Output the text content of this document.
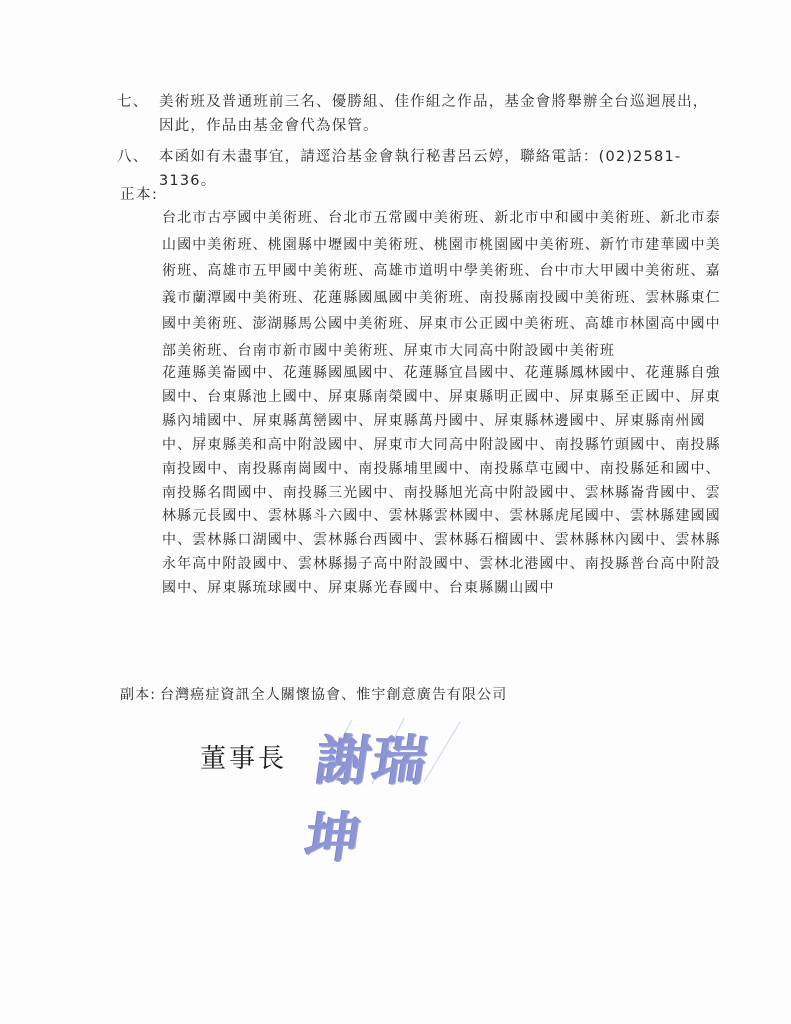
七、 美術班及普通班前三名、優勝組、佳作組之作品，基金會將舉辦全台巡迴展出，因此，作品由基金會代為保管。
八、 本函如有未盡事宜，請逕洽基金會執行秘書呂云婷，聯絡電話：(02)2581-3136。
正本:
台北市古亭國中美術班、台北市五常國中美術班、新北市中和國中美術班、新北市泰山國中美術班、桃園縣中壢國中美術班、桃園市桃園國中美術班、新竹市建華國中美術班、高雄市五甲國中美術班、高雄市道明中學美術班、台中市大甲國中美術班、嘉義市蘭潭國中美術班、花蓮縣國風國中美術班、南投縣南投國中美術班、雲林縣東仁國中美術班、澎湖縣馬公國中美術班、屏東市公正國中美術班、高雄市林園高中國中部美術班、台南市新市國中美術班、屏東市大同高中附設國中美術班
花蓮縣美崙國中、花蓮縣國風國中、花蓮縣宜昌國中、花蓮縣鳳林國中、花蓮縣自強國中、台東縣池上國中、屏東縣南榮國中、屏東縣明正國中、屏東縣至正國中、屏東縣內埔國中、屏東縣萬巒國中、屏東縣萬丹國中、屏東縣林邊國中、屏東縣南州國中、屏東縣美和高中附設國中、屏東市大同高中附設國中、南投縣竹頭國中、南投縣南投國中、南投縣南崗國中、南投縣埔里國中、南投縣草屯國中、南投縣延和國中、南投縣名間國中、南投縣三光國中、南投縣旭光高中附設國中、雲林縣崙背國中、雲林縣元長國中、雲林縣斗六國中、雲林縣雲林國中、雲林縣虎尾國中、雲林縣建國國中、雲林縣口湖國中、雲林縣台西國中、雲林縣石榴國中、雲林縣林內國中、雲林縣永年高中附設國中、雲林縣揚子高中附設國中、雲林北港國中、南投縣普台高中附設國中、屏東縣琉球國中、屏東縣光春國中、台東縣關山國中
副本: 台灣癌症資訊全人關懷協會、惟宇創意廣告有限公司
董事長 謝瑞坤
